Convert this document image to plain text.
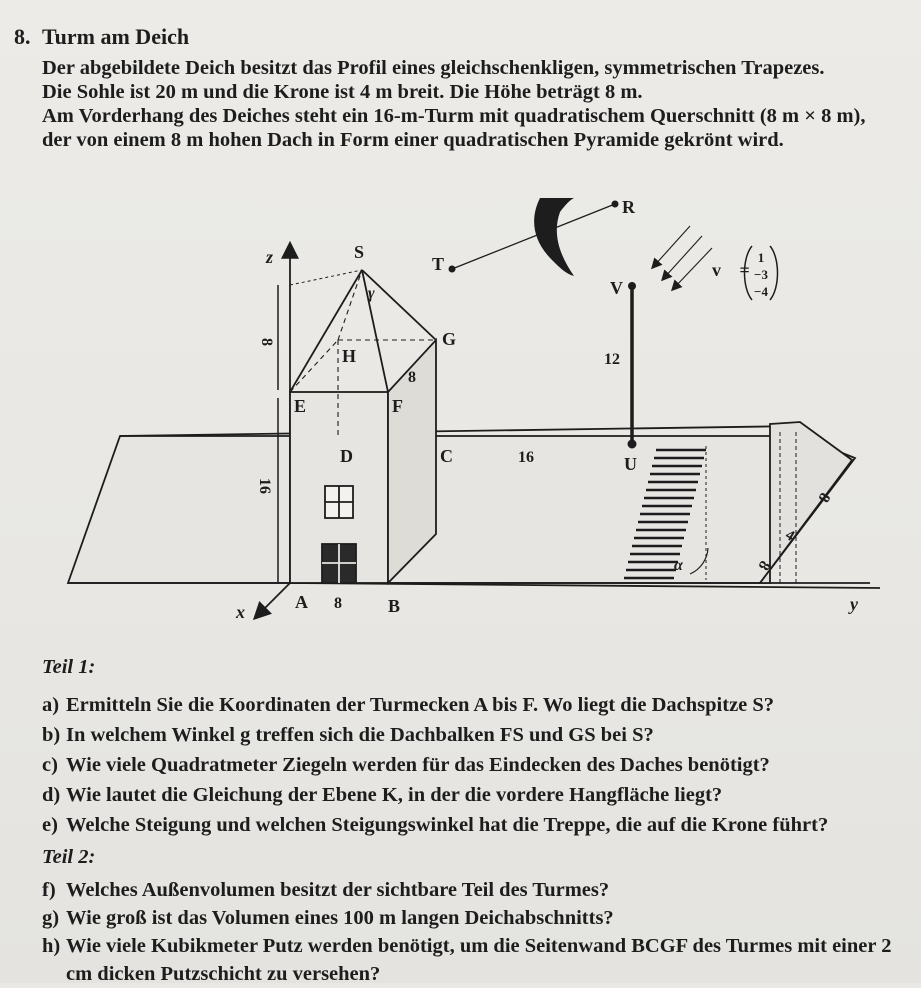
8. Turm am Deich

Der abgebildete Deich besitzt das Profil eines gleichschenkligen, symmetrischen Trapezes.

Die Sohle ist 20 m und die Krone ist 4 m breit. Die Höhe beträgt 8 m.

Am Vorderhang des Deiches steht ein 16-m-Turm mit quadratischem Querschnitt (8 m × 8 m),

der von einem 8 m hohen Dach in Form einer quadratischen Pyramide gekrönt wird.

z
x	y
S
T
R
V
G
H
E	F
D	C	U
A	B
γ
α
8
8
16
8
12
16
8
4
8
v⃗ =
1
−3
−4
Teil 1:
a) Ermitteln Sie die Koordinaten der Turmecken A bis F. Wo liegt die Dachspitze S?
b) In welchem Winkel g treffen sich die Dachbalken FS und GS bei S?
c) Wie viele Quadratmeter Ziegeln werden für das Eindecken des Daches benötigt?
d) Wie lautet die Gleichung der Ebene K, in der die vordere Hangfläche liegt?
e) Welche Steigung und welchen Steigungswinkel hat die Treppe, die auf die Krone führt?
Teil 2:
f) Welches Außenvolumen besitzt der sichtbare Teil des Turmes?
g) Wie groß ist das Volumen eines 100 m langen Deichabschnitts?
h) Wie viele Kubikmeter Putz werden benötigt, um die Seitenwand BCGF des Turmes mit einer 2 cm dicken Putzschicht zu versehen?
